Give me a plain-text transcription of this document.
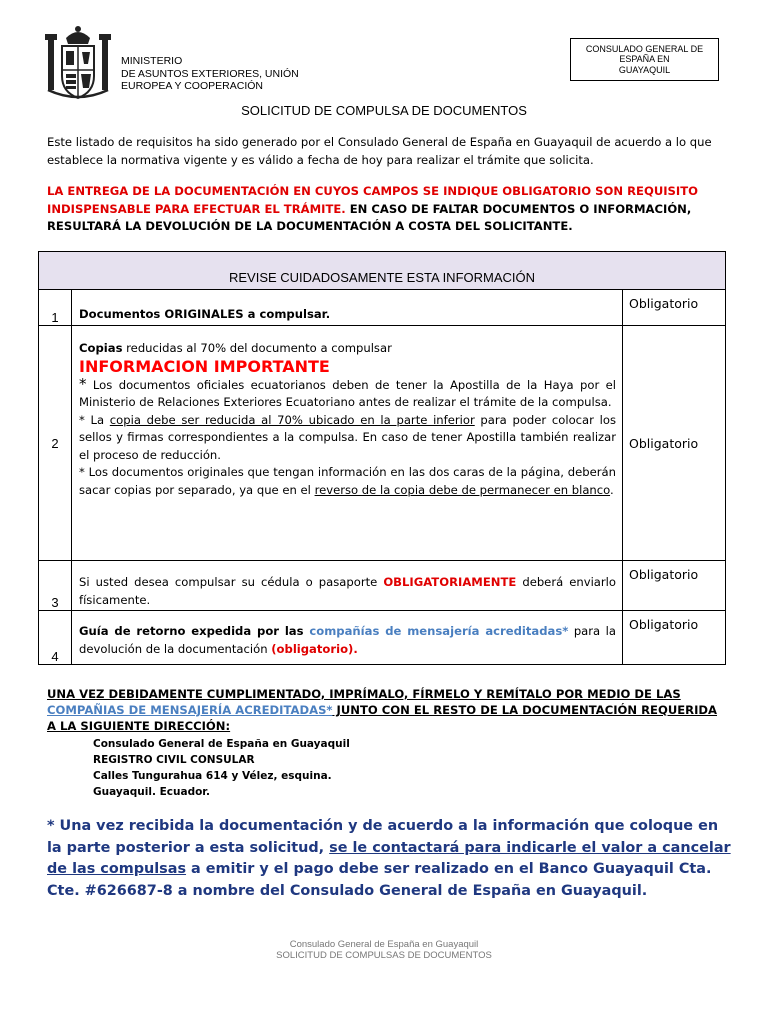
MINISTERIO
DE ASUNTOS EXTERIORES, UNIÓN
EUROPEA Y COOPERACIÓN
CONSULADO GENERAL DE
ESPAÑA EN
GUAYAQUIL
SOLICITUD DE COMPULSA DE DOCUMENTOS
Este listado de requisitos ha sido generado por el Consulado General de España en Guayaquil de acuerdo a lo que establece la normativa vigente y es válido a fecha de hoy para realizar el trámite que solicita.
LA ENTREGA DE LA DOCUMENTACIÓN EN CUYOS CAMPOS SE INDIQUE OBLIGATORIO SON REQUISITO INDISPENSABLE PARA EFECTUAR EL TRÁMITE. EN CASO DE FALTAR DOCUMENTOS O INFORMACIÓN, RESULTARÁ LA DEVOLUCIÓN DE LA DOCUMENTACIÓN A COSTA DEL SOLICITANTE.
REVISE CUIDADOSAMENTE ESTA INFORMACIÓN		
1	Documentos ORIGINALES a compulsar.	Obligatorio
2	Copias reducidas al 70% del documento a compulsar
INFORMACION IMPORTANTE
* Los documentos oficiales ecuatorianos deben de tener la Apostilla de la Haya por el Ministerio de Relaciones Exteriores Ecuatoriano antes de realizar el trámite de la compulsa.
* La copia debe ser reducida al 70% ubicado en la parte inferior para poder colocar los sellos y firmas correspondientes a la compulsa. En caso de tener Apostilla también realizar el proceso de reducción.
* Los documentos originales que tengan información en las dos caras de la página, deberán sacar copias por separado, ya que en el reverso de la copia debe de permanecer en blanco.	Obligatorio
3	Si usted desea compulsar su cédula o pasaporte OBLIGATORIAMENTE deberá enviarlo físicamente.	Obligatorio
4	Guía de retorno expedida por las compañías de mensajería acreditadas* para la devolución de la documentación (obligatorio).	Obligatorio
UNA VEZ DEBIDAMENTE CUMPLIMENTADO, IMPRÍMALO, FÍRMELO Y REMÍTALO POR MEDIO DE LAS COMPAÑIAS DE MENSAJERÍA ACREDITADAS* JUNTO CON EL RESTO DE LA DOCUMENTACIÓN REQUERIDA A LA SIGUIENTE DIRECCIÓN:
Consulado General de España en Guayaquil
REGISTRO CIVIL CONSULAR
Calles Tungurahua 614 y Vélez, esquina.
Guayaquil. Ecuador.
* Una vez recibida la documentación y de acuerdo a la información que coloque en la parte posterior a esta solicitud, se le contactará para indicarle el valor a cancelar de las compulsas a emitir y el pago debe ser realizado en el Banco Guayaquil Cta. Cte. #626687-8 a nombre del Consulado General de España en Guayaquil.
Consulado General de España en Guayaquil
SOLICITUD DE COMPULSAS DE DOCUMENTOS
